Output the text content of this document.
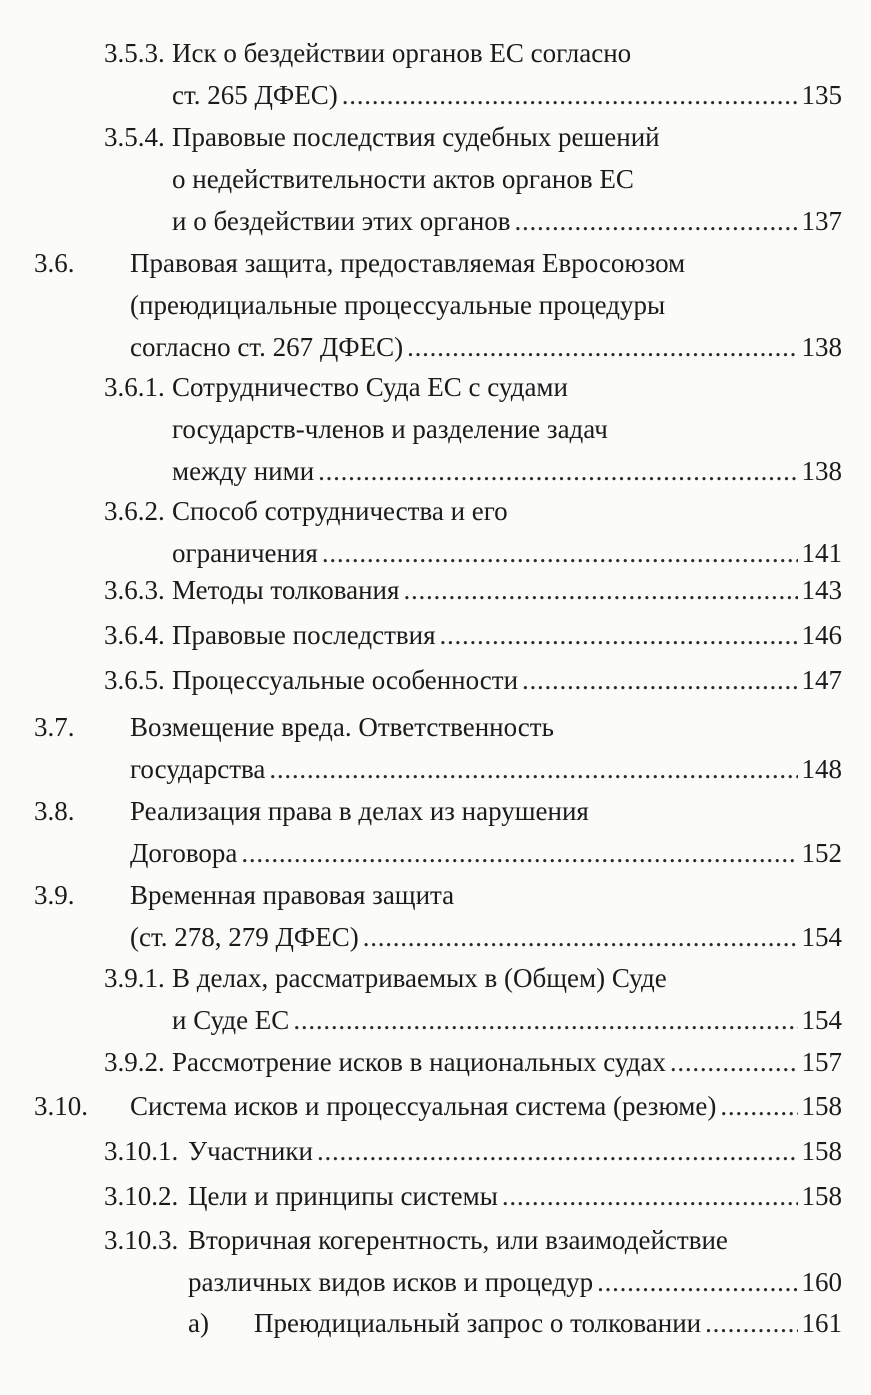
3.5.3. Иск о бездействии органов ЕС согласно
ст. 265 ДФЕС) . . .	135
3.5.4. Правовые последствия судебных решений
о недействительности актов органов ЕС
и о бездействии этих органов . . .	137
3.6. Правовая защита, предоставляемая Евросоюзом
(преюдициальные процессуальные процедуры
согласно ст. 267 ДФЕС) . . .	138
3.6.1. Сотрудничество Суда ЕС с судами
государств-членов и разделение задач
между ними . . .	138
3.6.2. Способ сотрудничества и его
ограничения . . .	141
3.6.3. Методы толкования . . .	143
3.6.4. Правовые последствия . . .	146
3.6.5. Процессуальные особенности . . .	147
3.7. Возмещение вреда. Ответственность
государства . . .	148
3.8. Реализация права в делах из нарушения
Договора . . .	152
3.9. Временная правовая защита
(ст. 278, 279 ДФЕС) . . .	154
3.9.1. В делах, рассматриваемых в (Общем) Суде
и Суде ЕС . . .	154
3.9.2. Рассмотрение исков в национальных судах . . .	157
3.10. Система исков и процессуальная система (резюме) . . .	158
3.10.1. Участники . . .	158
3.10.2. Цели и принципы системы . . .	158
3.10.3. Вторичная когерентность, или взаимодействие
различных видов исков и процедур . . .	160
a) Преюдициальный запрос о толковании . . .	161
